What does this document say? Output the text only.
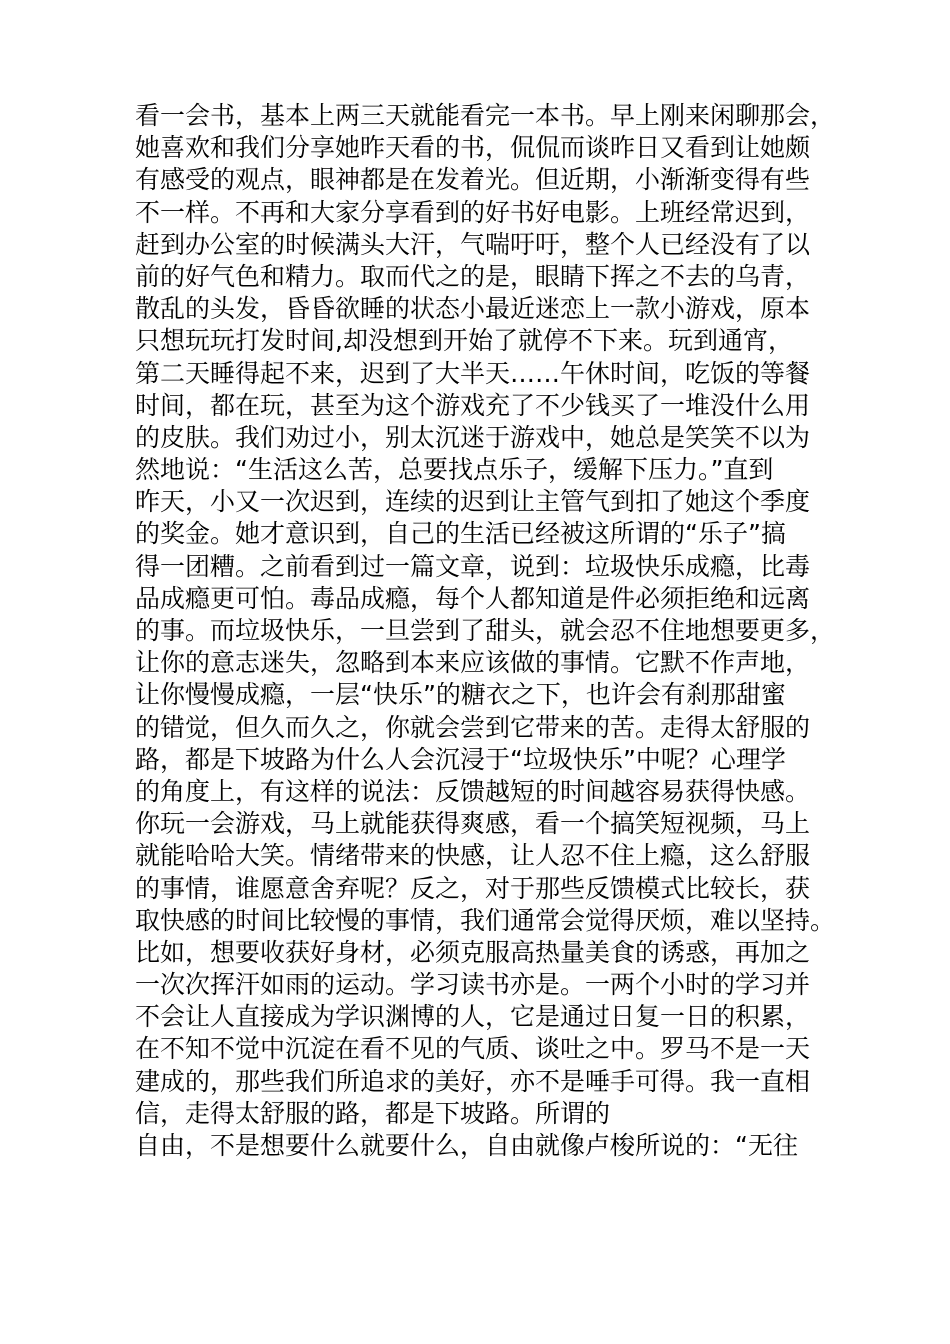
看一会书，基本上两三天就能看完一本书。早上刚来闲聊那会，
她喜欢和我们分享她昨天看的书，侃侃而谈昨日又看到让她颇
有感受的观点，眼神都是在发着光。但近期，小渐渐变得有些
不一样。不再和大家分享看到的好书好电影。上班经常迟到，
赶到办公室的时候满头大汗，气喘吁吁，整个人已经没有了以
前的好气色和精力。取而代之的是，眼睛下挥之不去的乌青，
散乱的头发，昏昏欲睡的状态小最近迷恋上一款小游戏，原本
只想玩玩打发时间,却没想到开始了就停不下来。玩到通宵，
第二天睡得起不来，迟到了大半天……午休时间，吃饭的等餐
时间，都在玩，甚至为这个游戏充了不少钱买了一堆没什么用
的皮肤。我们劝过小，别太沉迷于游戏中，她总是笑笑不以为
然地说：“生活这么苦，总要找点乐子，缓解下压力。”直到
昨天，小又一次迟到，连续的迟到让主管气到扣了她这个季度
的奖金。她才意识到，自己的生活已经被这所谓的“乐子”搞
得一团糟。之前看到过一篇文章，说到：垃圾快乐成瘾，比毒
品成瘾更可怕。毒品成瘾，每个人都知道是件必须拒绝和远离
的事。而垃圾快乐，一旦尝到了甜头，就会忍不住地想要更多，
让你的意志迷失，忽略到本来应该做的事情。它默不作声地，
让你慢慢成瘾，一层“快乐”的糖衣之下，也许会有刹那甜蜜
的错觉，但久而久之，你就会尝到它带来的苦。走得太舒服的
路，都是下坡路为什么人会沉浸于“垃圾快乐”中呢？心理学
的角度上，有这样的说法：反馈越短的时间越容易获得快感。
你玩一会游戏，马上就能获得爽感，看一个搞笑短视频，马上
就能哈哈大笑。情绪带来的快感，让人忍不住上瘾，这么舒服
的事情，谁愿意舍弃呢？反之，对于那些反馈模式比较长，获
取快感的时间比较慢的事情，我们通常会觉得厌烦，难以坚持。
比如，想要收获好身材，必须克服高热量美食的诱惑，再加之
一次次挥汗如雨的运动。学习读书亦是。一两个小时的学习并
不会让人直接成为学识渊博的人，它是通过日复一日的积累，
在不知不觉中沉淀在看不见的气质、谈吐之中。罗马不是一天
建成的，那些我们所追求的美好，亦不是唾手可得。我一直相
信，走得太舒服的路，都是下坡路。所谓的
自由，不是想要什么就要什么，自由就像卢梭所说的：“无往
